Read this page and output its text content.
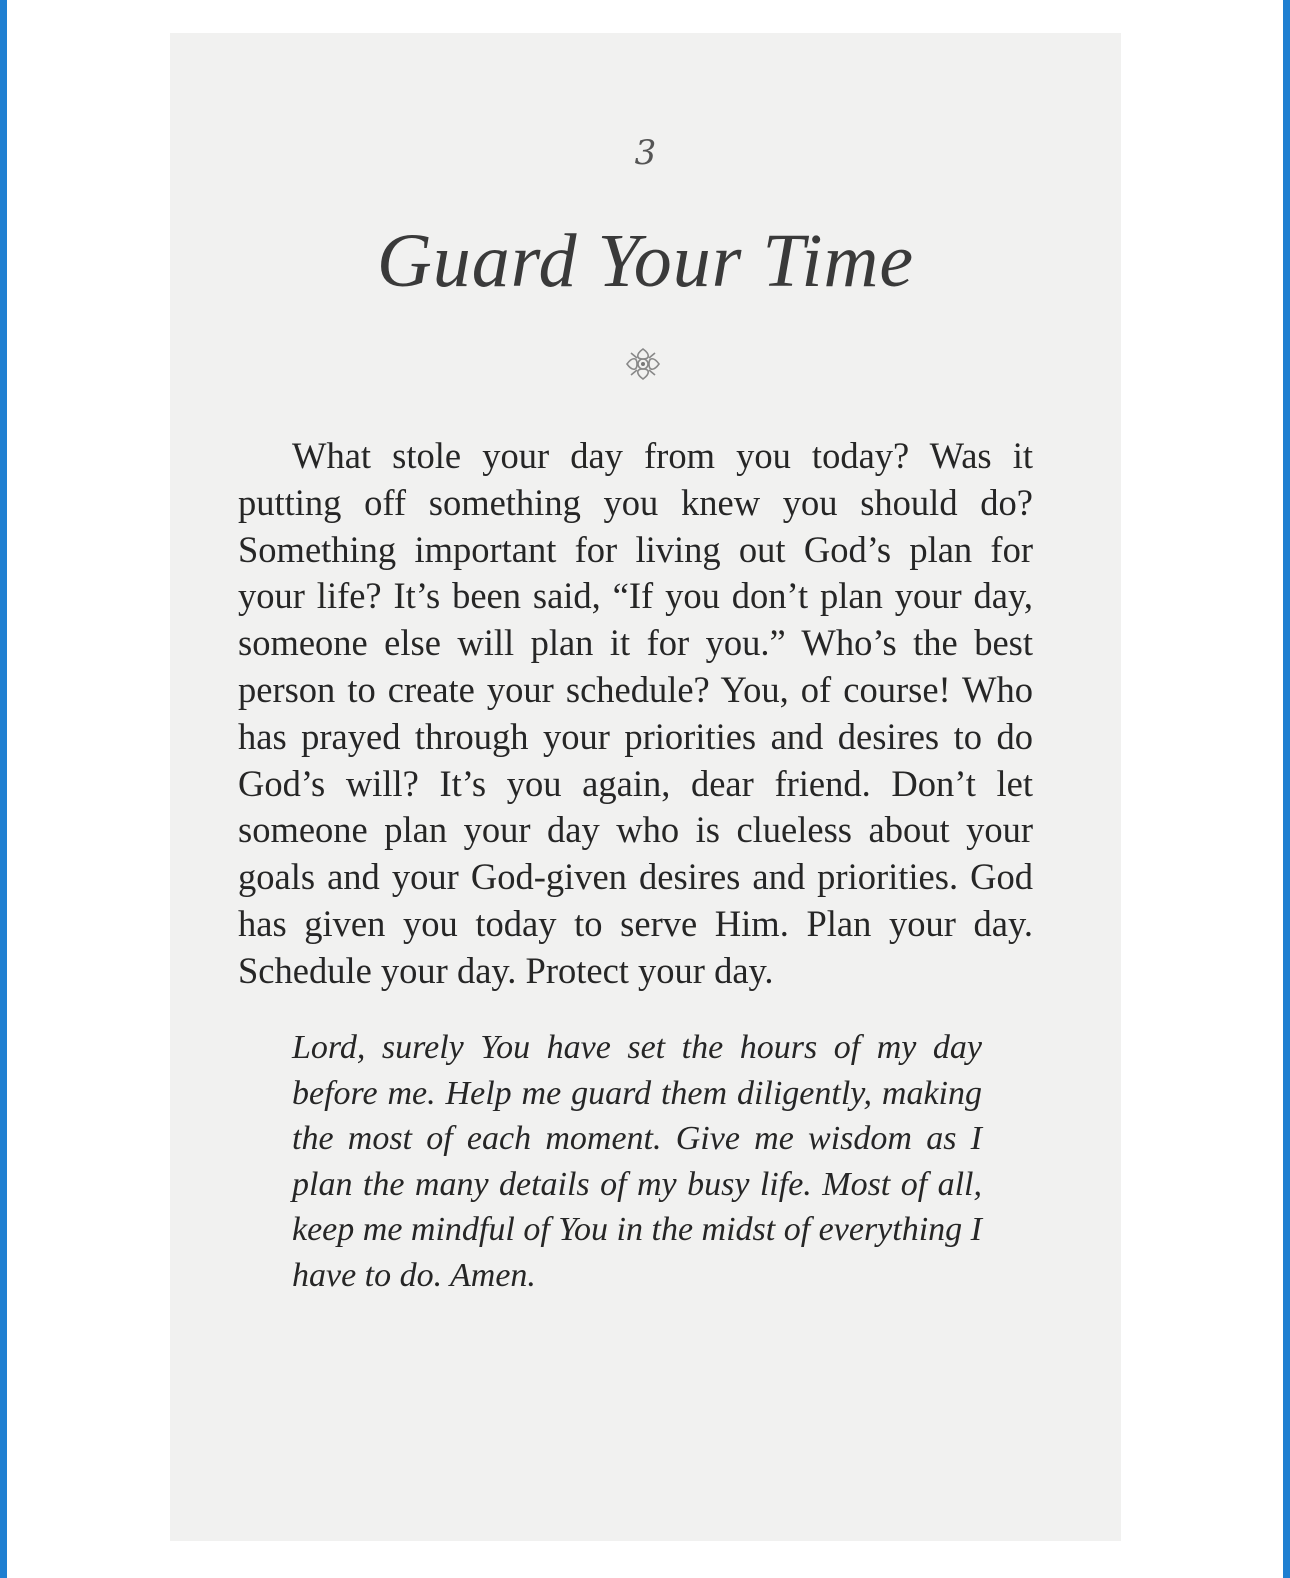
3
Guard Your Time

What stole your day from you today? Was it putting off something you knew you should do? Something important for living out God’s plan for your life? It’s been said, “If you don’t plan your day, someone else will plan it for you.” Who’s the best person to create your schedule? You, of course! Who has prayed through your priorities and desires to do God’s will? It’s you again, dear friend. Don’t let someone plan your day who is clueless about your goals and your God-given desires and priorities. God has given you today to serve Him. Plan your day. Schedule your day. Protect your day.

Lord, surely You have set the hours of my day before me. Help me guard them diligently, making the most of each moment. Give me wisdom as I plan the many details of my busy life. Most of all, keep me mindful of You in the midst of everything I have to do. Amen.
